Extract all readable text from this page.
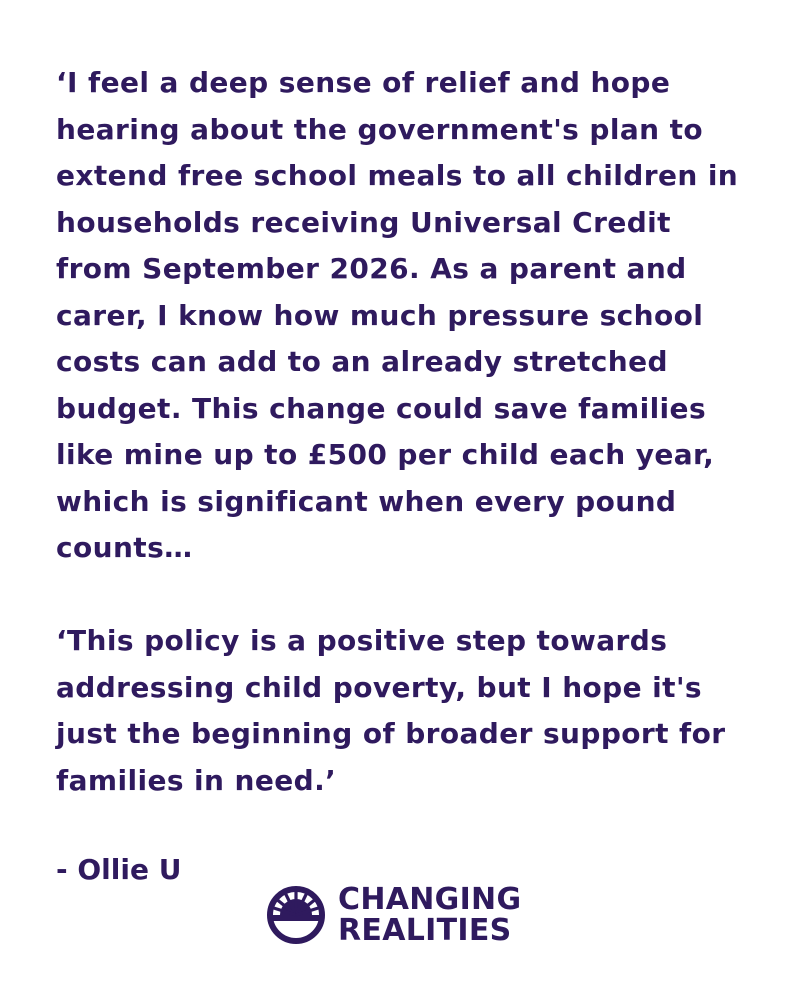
‘I feel a deep sense of relief and hope hearing about the government's plan to extend free school meals to all children in households receiving Universal Credit from September 2026. As a parent and carer, I know how much pressure school costs can add to an already stretched budget. This change could save families like mine up to £500 per child each year, which is significant when every pound counts…

‘This policy is a positive step towards addressing child poverty, but I hope it's just the beginning of broader support for families in need.’

- Ollie U

CHANGING
REALITIES
